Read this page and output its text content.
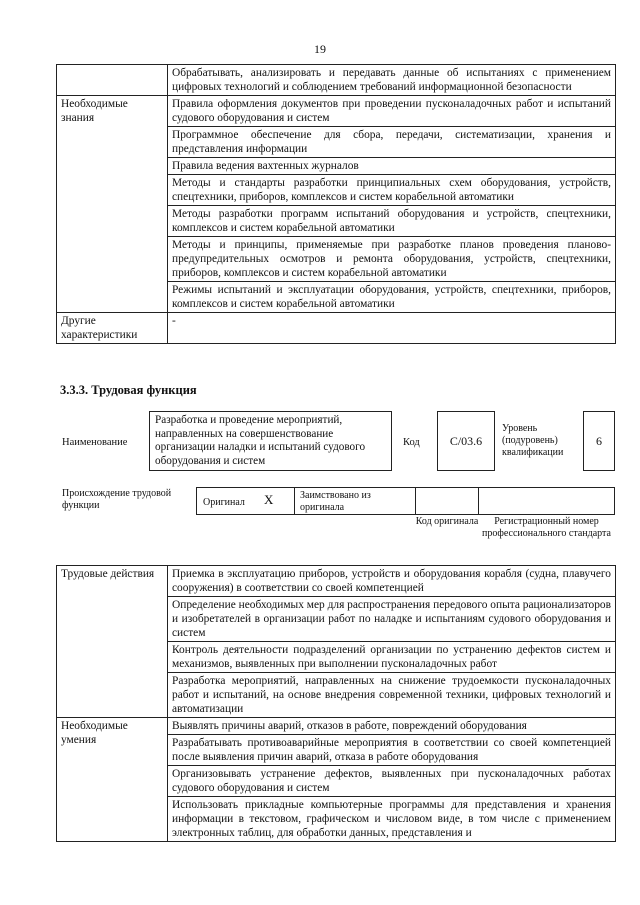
19
	Обрабатывать, анализировать и передавать данные об испытаниях с применением цифровых технологий и соблюдением требований информационной безопасности
Необходимые знания	Правила оформления документов при проведении пусконаладочных работ и испытаний судового оборудования и систем
	Программное обеспечение для сбора, передачи, систематизации, хранения и представления информации
	Правила ведения вахтенных журналов
	Методы и стандарты разработки принципиальных схем оборудования, устройств, спецтехники, приборов, комплексов и систем корабельной автоматики
	Методы разработки программ испытаний оборудования и устройств, спецтехники, комплексов и систем корабельной автоматики
	Методы и принципы, применяемые при разработке планов проведения планово-предупредительных осмотров и ремонта оборудования, устройств, спецтехники, приборов, комплексов и систем корабельной автоматики
	Режимы испытаний и эксплуатации оборудования, устройств, спецтехники, приборов, комплексов и систем корабельной автоматики
Другие характеристики	-
3.3.3. Трудовая функция
Наименование
Разработка и проведение мероприятий, направленных на совершенствование организации наладки и испытаний судового оборудования и систем
Код	C/03.6
Уровень (подуровень) квалификации
6
Происхождение трудовой функции	Оригинал X	Заимствовано из оригинала
Код оригинала	Регистрационный номер профессионального стандарта
Трудовые действия	Приемка в эксплуатацию приборов, устройств и оборудования корабля (судна, плавучего сооружения) в соответствии со своей компетенцией
	Определение необходимых мер для распространения передового опыта рационализаторов и изобретателей в организации работ по наладке и испытаниям судового оборудования и систем
	Контроль деятельности подразделений организации по устранению дефектов систем и механизмов, выявленных при выполнении пусконаладочных работ
	Разработка мероприятий, направленных на снижение трудоемкости пусконаладочных работ и испытаний, на основе внедрения современной техники, цифровых технологий и автоматизации
Необходимые умения	Выявлять причины аварий, отказов в работе, повреждений оборудования
	Разрабатывать противоаварийные мероприятия в соответствии со своей компетенцией после выявления причин аварий, отказа в работе оборудования
	Организовывать устранение дефектов, выявленных при пусконаладочных работах судового оборудования и систем
	Использовать прикладные компьютерные программы для представления и хранения информации в текстовом, графическом и числовом виде, в том числе с применением электронных таблиц, для обработки данных, представления и
